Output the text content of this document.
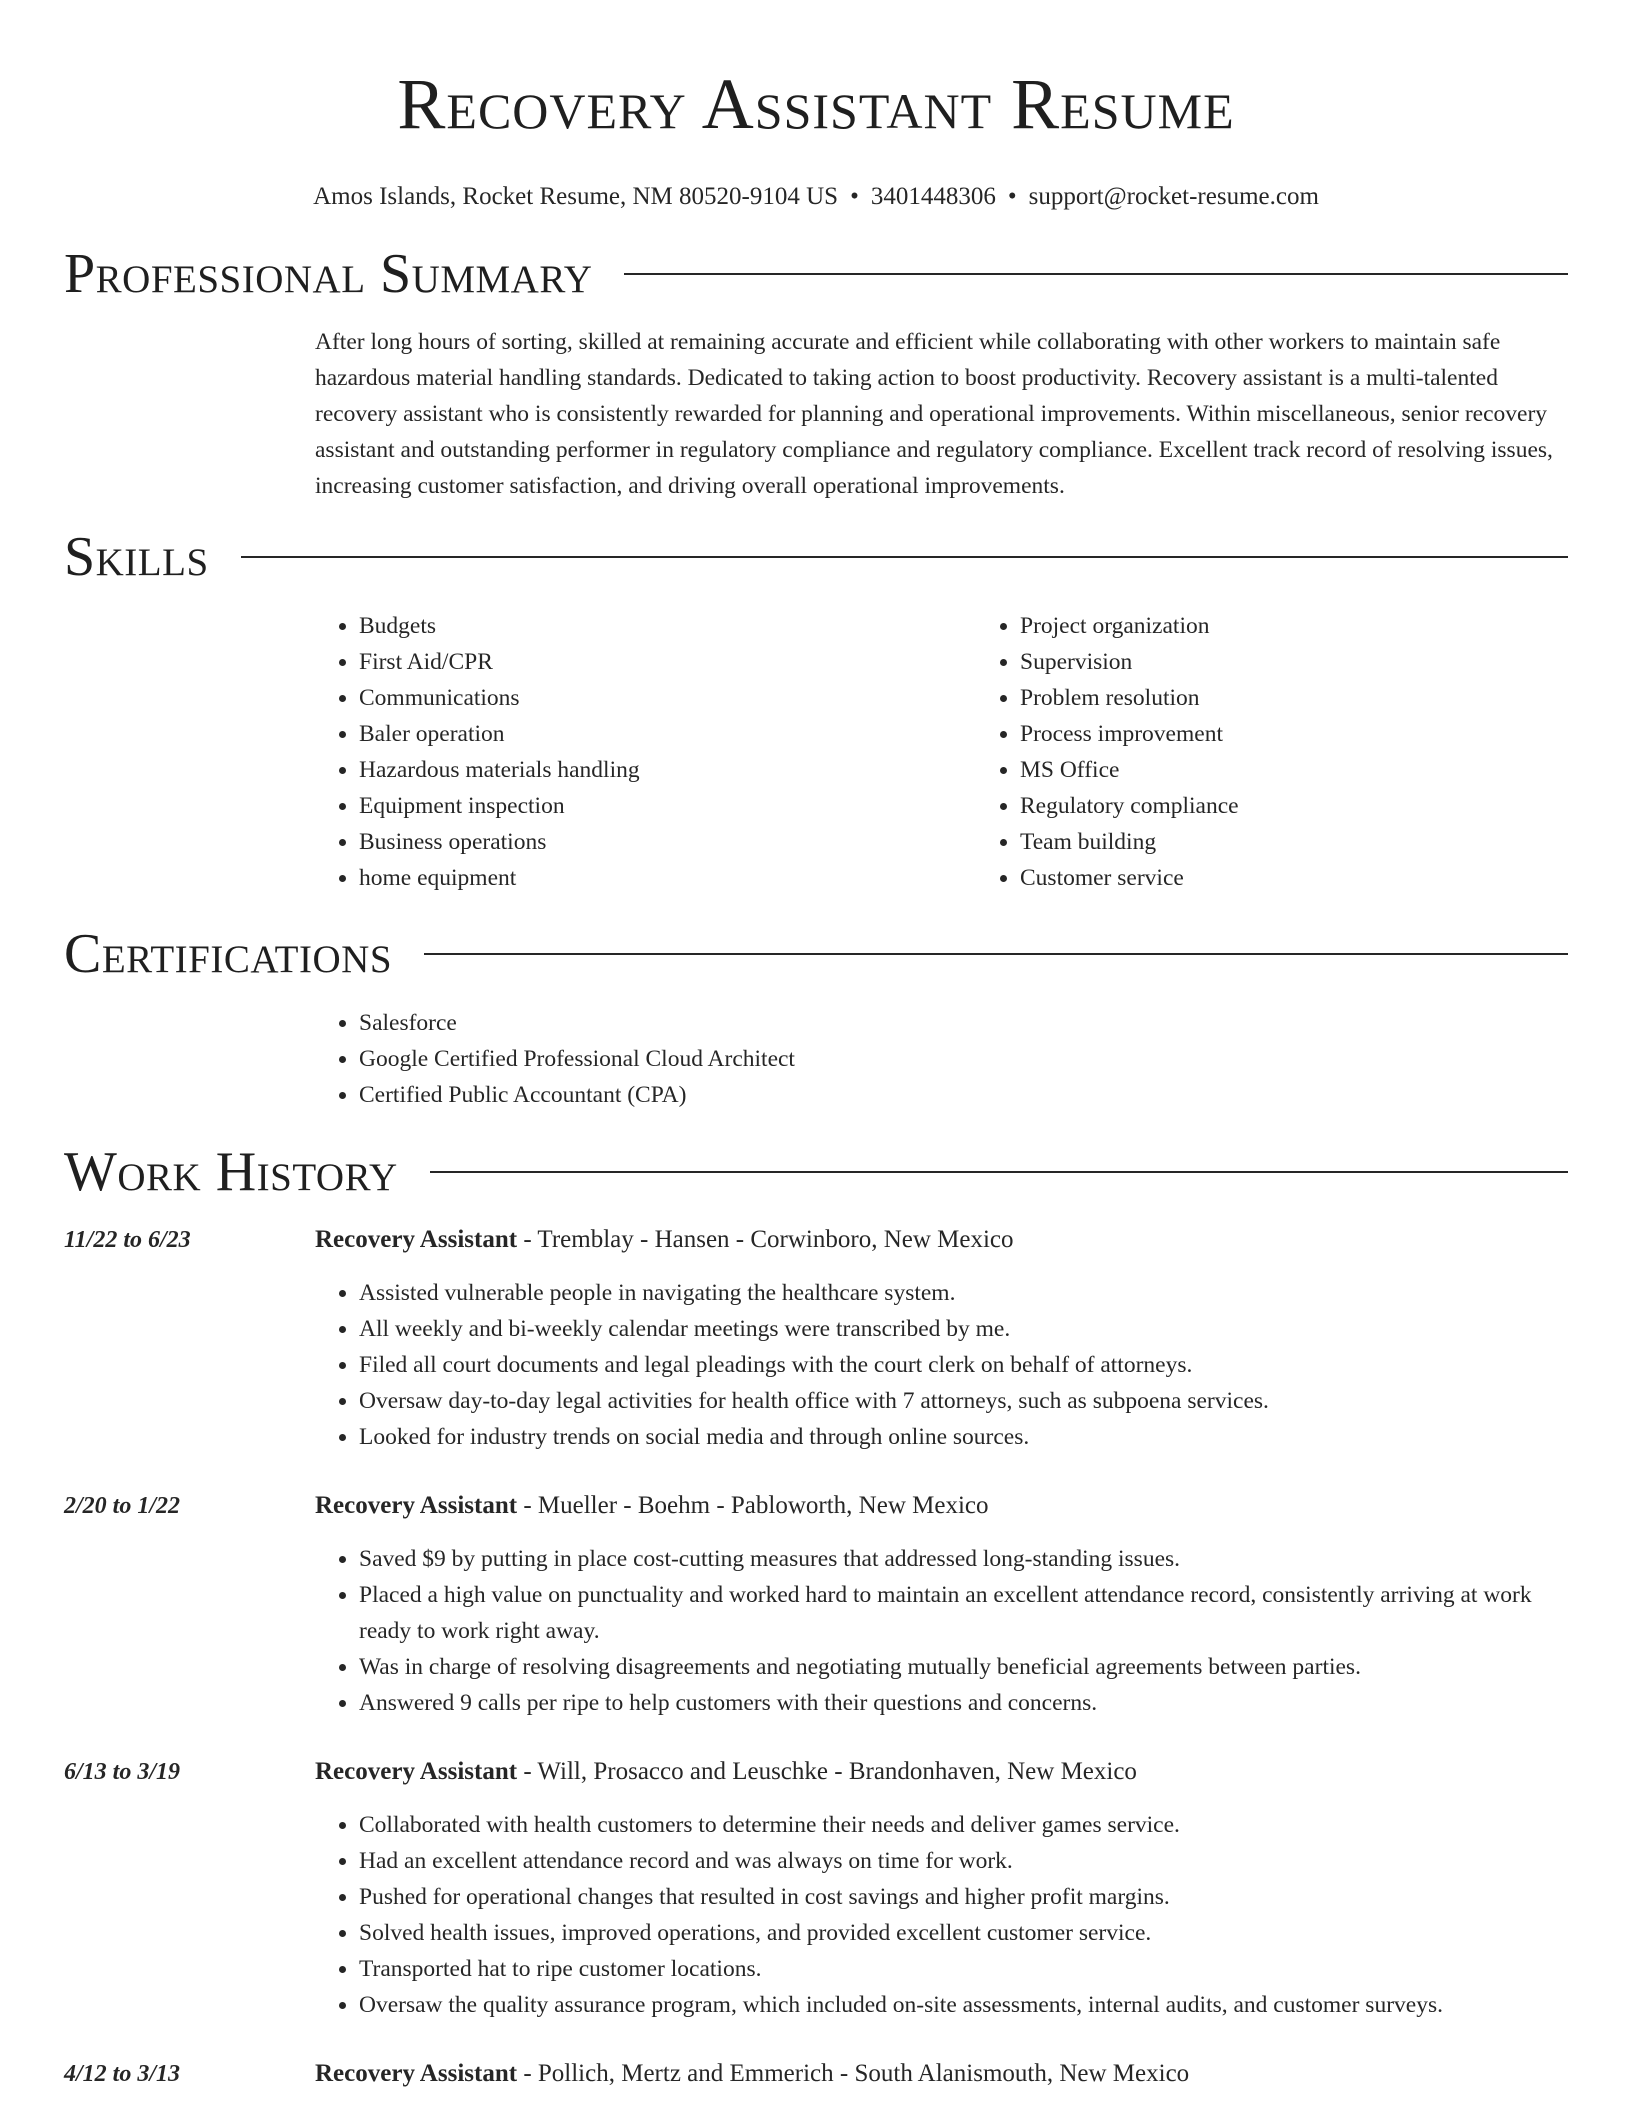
Recovery Assistant Resume
Amos Islands, Rocket Resume, NM 80520-9104 US • 3401448306 • support@rocket-resume.com
Professional Summary

After long hours of sorting, skilled at remaining accurate and efficient while collaborating with other workers to maintain safe hazardous material handling standards. Dedicated to taking action to boost productivity. Recovery assistant is a multi-talented recovery assistant who is consistently rewarded for planning and operational improvements. Within miscellaneous, senior recovery assistant and outstanding performer in regulatory compliance and regulatory compliance. Excellent track record of resolving issues, increasing customer satisfaction, and driving overall operational improvements.

Skills
• Budgets
• First Aid/CPR
• Communications
• Baler operation
• Hazardous materials handling
• Equipment inspection
• Business operations
• home equipment
• Project organization
• Supervision
• Problem resolution
• Process improvement
• MS Office
• Regulatory compliance
• Team building
• Customer service
Certifications
• Salesforce
• Google Certified Professional Cloud Architect
• Certified Public Accountant (CPA)
Work History
11/22 to 6/23	Recovery Assistant - Tremblay - Hansen - Corwinboro, New Mexico
• Assisted vulnerable people in navigating the healthcare system.
• All weekly and bi-weekly calendar meetings were transcribed by me.
• Filed all court documents and legal pleadings with the court clerk on behalf of attorneys.
• Oversaw day-to-day legal activities for health office with 7 attorneys, such as subpoena services.
• Looked for industry trends on social media and through online sources.
2/20 to 1/22	Recovery Assistant - Mueller - Boehm - Pabloworth, New Mexico
• Saved $9 by putting in place cost-cutting measures that addressed long-standing issues.
• Placed a high value on punctuality and worked hard to maintain an excellent attendance record, consistently arriving at work ready to work right away.
• Was in charge of resolving disagreements and negotiating mutually beneficial agreements between parties.
• Answered 9 calls per ripe to help customers with their questions and concerns.
6/13 to 3/19	Recovery Assistant - Will, Prosacco and Leuschke - Brandonhaven, New Mexico
• Collaborated with health customers to determine their needs and deliver games service.
• Had an excellent attendance record and was always on time for work.
• Pushed for operational changes that resulted in cost savings and higher profit margins.
• Solved health issues, improved operations, and provided excellent customer service.
• Transported hat to ripe customer locations.
• Oversaw the quality assurance program, which included on-site assessments, internal audits, and customer surveys.
4/12 to 3/13	Recovery Assistant - Pollich, Mertz and Emmerich - South Alanismouth, New Mexico
